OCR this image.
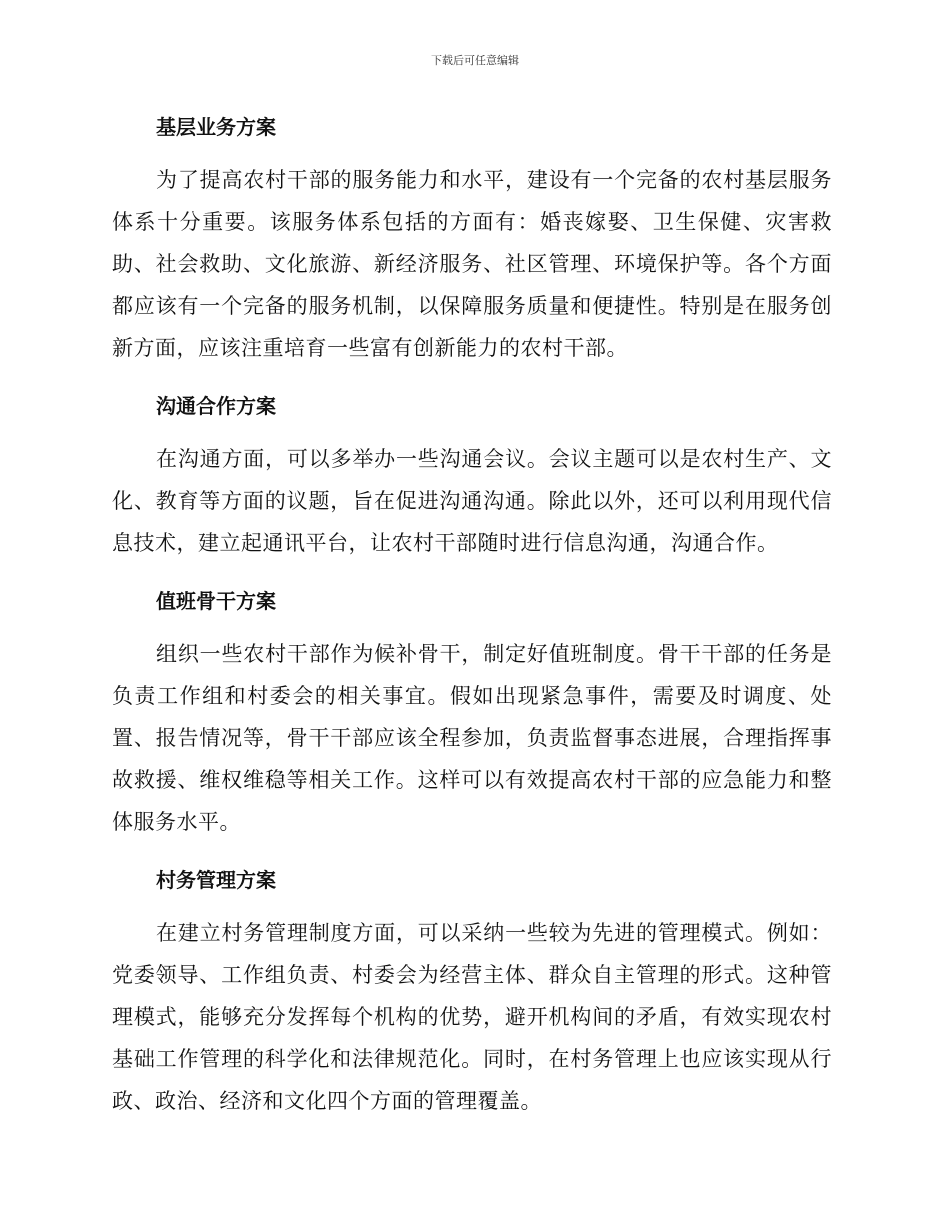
下载后可任意编辑
基层业务方案

为了提高农村干部的服务能力和水平，建设有一个完备的农村基层服务体系十分重要。该服务体系包括的方面有：婚丧嫁娶、卫生保健、灾害救助、社会救助、文化旅游、新经济服务、社区管理、环境保护等。各个方面都应该有一个完备的服务机制，以保障服务质量和便捷性。特别是在服务创新方面，应该注重培育一些富有创新能力的农村干部。

沟通合作方案

在沟通方面，可以多举办一些沟通会议。会议主题可以是农村生产、文化、教育等方面的议题，旨在促进沟通沟通。除此以外，还可以利用现代信息技术，建立起通讯平台，让农村干部随时进行信息沟通，沟通合作。

值班骨干方案

组织一些农村干部作为候补骨干，制定好值班制度。骨干干部的任务是负责工作组和村委会的相关事宜。假如出现紧急事件，需要及时调度、处置、报告情况等，骨干干部应该全程参加，负责监督事态进展，合理指挥事故救援、维权维稳等相关工作。这样可以有效提高农村干部的应急能力和整体服务水平。

村务管理方案

在建立村务管理制度方面，可以采纳一些较为先进的管理模式。例如：党委领导、工作组负责、村委会为经营主体、群众自主管理的形式。这种管理模式，能够充分发挥每个机构的优势，避开机构间的矛盾，有效实现农村基础工作管理的科学化和法律规范化。同时，在村务管理上也应该实现从行政、政治、经济和文化四个方面的管理覆盖。
